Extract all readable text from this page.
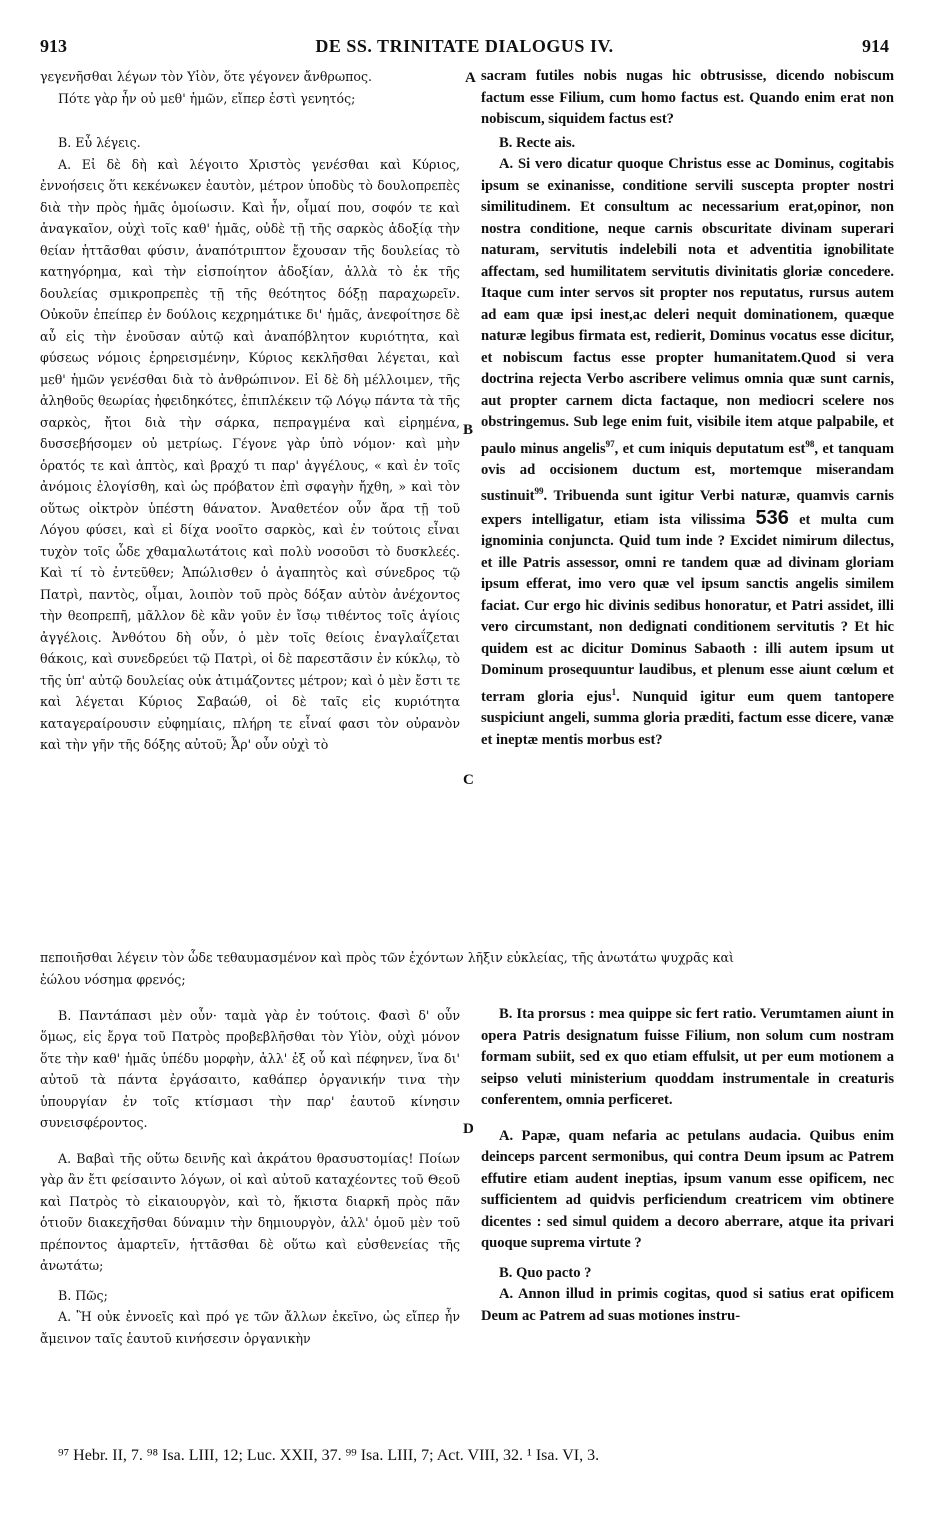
913	DE SS. TRINITATE DIALOGUS IV.	914
A
B
C
D

γεγενῆσθαι λέγων τὸν Υἱὸν, ὅτε γέγονεν ἄνθρωπος.

Πότε γὰρ ἦν οὐ μεθ' ἡμῶν, εἴπερ ἐστὶ γενητός;

Β. Εὖ λέγεις.

Α. Εἰ δὲ δὴ καὶ λέγοιτο Χριστὸς γενέσθαι καὶ Κύριος, ἐννοήσεις ὅτι κεκένωκεν ἑαυτὸν, μέτρον ὑποδὺς τὸ δουλοπρεπὲς διὰ τὴν πρὸς ἡμᾶς ὁμοίωσιν. Καὶ ἦν, οἶμαί που, σοφόν τε καὶ ἀναγκαῖον, οὐχὶ τοῖς καθ' ἡμᾶς, οὐδὲ τῇ τῆς σαρκὸς ἀδοξίᾳ τὴν θείαν ἡττᾶσθαι φύσιν, ἀναπότριπτον ἔχουσαν τῆς δουλείας τὸ κατηγόρημα, καὶ τὴν εἰσποίητον ἀδοξίαν, ἀλλὰ τὸ ἐκ τῆς δουλείας σμικροπρεπὲς τῇ τῆς θεότητος δόξῃ παραχωρεῖν. Οὐκοῦν ἐπείπερ ἐν δούλοις κεχρημάτικε δι' ἡμᾶς, ἀνεφοίτησε δὲ αὖ εἰς τὴν ἐνοῦσαν αὐτῷ καὶ ἀναπόβλητον κυριότητα, καὶ φύσεως νόμοις ἐρηρεισμένην, Κύριος κεκλῆσθαι λέγεται, καὶ μεθ' ἡμῶν γενέσθαι διὰ τὸ ἀνθρώπινον. Εἰ δὲ δὴ μέλλοιμεν, τῆς ἀληθοῦς θεωρίας ἠφειδηκότες, ἐπιπλέκειν τῷ Λόγῳ πάντα τὰ τῆς σαρκὸς, ἤτοι διὰ τὴν σάρκα, πεπραγμένα καὶ εἰρημένα, δυσσεβήσομεν οὐ μετρίως. Γέγονε γὰρ ὑπὸ νόμον· καὶ μὴν ὁρατός τε καὶ ἁπτὸς, καὶ βραχύ τι παρ' ἀγγέλους, « καὶ ἐν τοῖς ἀνόμοις ἐλογίσθη, καὶ ὡς πρόβατον ἐπὶ σφαγὴν ἤχθη, » καὶ τὸν οὕτως οἰκτρὸν ὑπέστη θάνατον. Ἀναθετέον οὖν ἄρα τῇ τοῦ Λόγου φύσει, καὶ εἰ δίχα νοοῖτο σαρκὸς, καὶ ἐν τούτοις εἶναι τυχὸν τοῖς ὧδε χθαμαλωτάτοις καὶ πολὺ νοσοῦσι τὸ δυσκλεές. Καὶ τί τὸ ἐντεῦθεν; Ἀπώλισθεν ὁ ἀγαπητὸς καὶ σύνεδρος τῷ Πατρὶ, παντὸς, οἶμαι, λοιπὸν τοῦ πρὸς δόξαν αὐτὸν ἀνέχοντος τὴν θεοπρεπῆ, μᾶλλον δὲ κἂν γοῦν ἐν ἴσῳ τιθέντος τοῖς ἁγίοις ἀγγέλοις. Ἀνθότου δὴ οὖν, ὁ μὲν τοῖς θείοις ἐναγλαΐζεται θάκοις, καὶ συνεδρεύει τῷ Πατρὶ, οἱ δὲ παρεστᾶσιν ἐν κύκλῳ, τὸ τῆς ὑπ' αὐτῷ δουλείας οὐκ ἀτιμάζοντες μέτρον; καὶ ὁ μὲν ἔστι τε καὶ λέγεται Κύριος Σαβαώθ, οἱ δὲ ταῖς εἰς κυριότητα καταγεραίρουσιν εὐφημίαις, πλήρη τε εἶναί φασι τὸν οὐρανὸν καὶ τὴν γῆν τῆς δόξης αὐτοῦ; Ἆρ' οὖν οὐχὶ τὸ

sacram futiles nobis nugas hic obtrusisse, dicendo nobiscum factum esse Filium, cum homo factus est. Quando enim erat non nobiscum, siquidem factus est?

B. Recte ais.

A. Si vero dicatur quoque Christus esse ac Dominus, cogitabis ipsum se exinanisse, conditione servili suscepta propter nostri similitudinem. Et consultum ac necessarium erat,opinor, non nostra conditione, neque carnis obscuritate divinam superari naturam, servitutis indelebili nota et adventitia ignobilitate affectam, sed humilitatem servitutis divinitatis gloriæ concedere. Itaque cum inter servos sit propter nos reputatus, rursus autem ad eam quæ ipsi inest,ac deleri nequit dominationem, quæque naturæ legibus firmata est, redierit, Dominus vocatus esse dicitur, et nobiscum factus esse propter humanitatem.Quod si vera doctrina rejecta Verbo ascribere velimus omnia quæ sunt carnis, aut propter carnem dicta factaque, non mediocri scelere nos obstringemus. Sub lege enim fuit, visibile item atque palpabile, et paulo minus angelis$^{97}$, et cum iniquis deputatum est$^{98}$, et tanquam ovis ad occisionem ductum est, mortemque miserandam sustinuit$^{99}$. Tribuenda sunt igitur Verbi naturæ, quamvis carnis expers intelligatur, etiam ista vilissima 536 et multa cum ignominia conjuncta. Quid tum inde ? Excidet nimirum dilectus, et ille Patris assessor, omni re tandem quæ ad divinam gloriam ipsum efferat, imo vero quæ vel ipsum sanctis angelis similem faciat. Cur ergo hic divinis sedibus honoratur, et Patri assidet, illi vero circumstant, non dedignati conditionem servitutis ? Et hic quidem est ac dicitur Dominus Sabaoth : illi autem ipsum ut Dominum prosequuntur laudibus, et plenum esse aiunt cœlum et terram gloria ejus$^1$. Nunquid igitur eum quem tantopere suspiciunt angeli, summa gloria præditi, factum esse dicere, vanæ et ineptæ mentis morbus est?

πεποιῆσθαι λέγειν τὸν ὧδε τεθαυμασμένον καὶ πρὸς τῶν ἐχόντων λῆξιν εὐκλείας, τῆς ἀνωτάτω ψυχρᾶς καὶ

ἐώλου νόσημα φρενός;

Β. Παντάπασι μὲν οὖν· ταμὰ γὰρ ἐν τούτοις. Φασὶ δ' οὖν ὅμως, εἰς ἔργα τοῦ Πατρὸς προβεβλῆσθαι τὸν Υἱὸν, οὐχὶ μόνον ὅτε τὴν καθ' ἡμᾶς ὑπέδυ μορφὴν, ἀλλ' ἐξ οὗ καὶ πέφηνεν, ἵνα δι' αὐτοῦ τὰ πάντα ἐργάσαιτο, καθάπερ ὀργανικήν τινα τὴν ὑπουργίαν ἐν τοῖς κτίσμασι τὴν παρ' ἑαυτοῦ κίνησιν συνεισφέροντος.

Α. Βαβαὶ τῆς οὕτω δεινῆς καὶ ἀκράτου θρασυστομίας! Ποίων γὰρ ἂν ἔτι φείσαιντο λόγων, οἱ καὶ αὐτοῦ καταχέοντες τοῦ Θεοῦ καὶ Πατρὸς τὸ εἰκαιουργὸν, καὶ τὸ, ἥκιστα διαρκῆ πρὸς πᾶν ὁτιοῦν διακεχῆσθαι δύναμιν τὴν δημιουργὸν, ἀλλ' ὁμοῦ μὲν τοῦ πρέποντος ἁμαρτεῖν, ἡττᾶσθαι δὲ οὕτω καὶ εὐσθενείας τῆς ἀνωτάτω;

Β. Πῶς;

Α. Ἢ οὐκ ἐννοεῖς καὶ πρό γε τῶν ἄλλων ἐκεῖνο, ὡς εἴπερ ἦν ἄμεινον ταῖς ἑαυτοῦ κινήσεσιν ὀργανικὴν

B. Ita prorsus : mea quippe sic fert ratio. Verumtamen aiunt in opera Patris designatum fuisse Filium, non solum cum nostram formam subiit, sed ex quo etiam effulsit, ut per eum motionem a seipso veluti ministerium quoddam instrumentale in creaturis conferentem, omnia perficeret.

A. Papæ, quam nefaria ac petulans audacia. Quibus enim deinceps parcent sermonibus, qui contra Deum ipsum ac Patrem effutire etiam audent ineptias, ipsum vanum esse opificem, nec sufficientem ad quidvis perficiendum creatricem vim obtinere dicentes : sed simul quidem a decoro aberrare, atque ita privari quoque suprema virtute ?

B. Quo pacto ?

A. Annon illud in primis cogitas, quod si satius erat opificem Deum ac Patrem ad suas motiones instru-

⁹⁷ Hebr. II, 7. ⁹⁸ Isa. LIII, 12; Luc. XXII, 37. ⁹⁹ Isa. LIII, 7; Act. VIII, 32. ¹ Isa. VI, 3.
